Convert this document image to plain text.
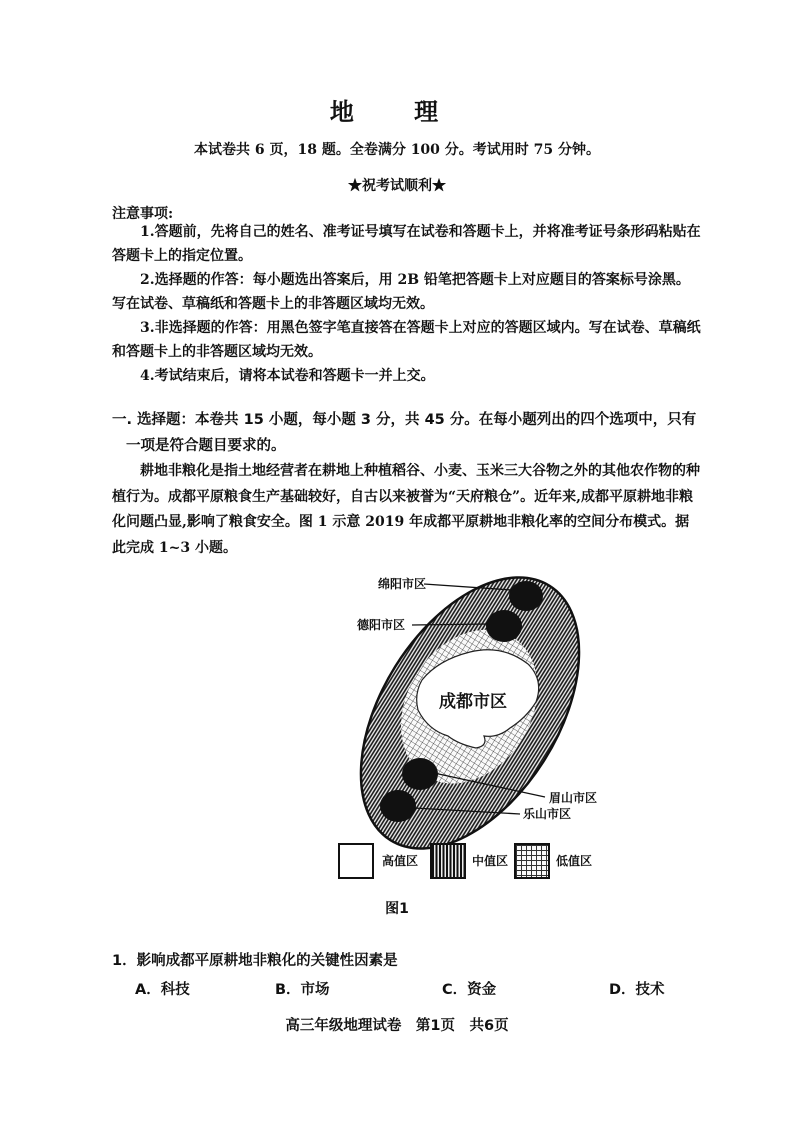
地 理
本试卷共 6 页，18 题。全卷满分 100 分。考试用时 75 分钟。
★祝考试顺利★
注意事项:

1.答题前，先将自己的姓名、准考证号填写在试卷和答题卡上，并将准考证号条形码粘贴在答题卡上的指定位置。

2.选择题的作答：每小题选出答案后，用 2B 铅笔把答题卡上对应题目的答案标号涂黑。写在试卷、草稿纸和答题卡上的非答题区域均无效。

3.非选择题的作答：用黑色签字笔直接答在答题卡上对应的答题区域内。写在试卷、草稿纸和答题卡上的非答题区域均无效。

4.考试结束后，请将本试卷和答题卡一并上交。

一. 选择题：本卷共 15 小题，每小题 3 分，共 45 分。在每小题列出的四个选项中，只有
一项是符合题目要求的。

耕地非粮化是指土地经营者在耕地上种植稻谷、小麦、玉米三大谷物之外的其他农作物的种植行为。成都平原粮食生产基础较好，自古以来被誉为“天府粮仓”。近年来,成都平原耕地非粮化问题凸显,影响了粮食安全。图 1 示意 2019 年成都平原耕地非粮化率的空间分布模式。据此完成 1~3 小题。

绵阳市区
德阳市区
成都市区
眉山市区
乐山市区
高值区	中值区	低值区
图1
1．影响成都平原耕地非粮化的关键性因素是
A．科技	B．市场	C．资金	D．技术
高三年级地理试卷　第1页　共6页
